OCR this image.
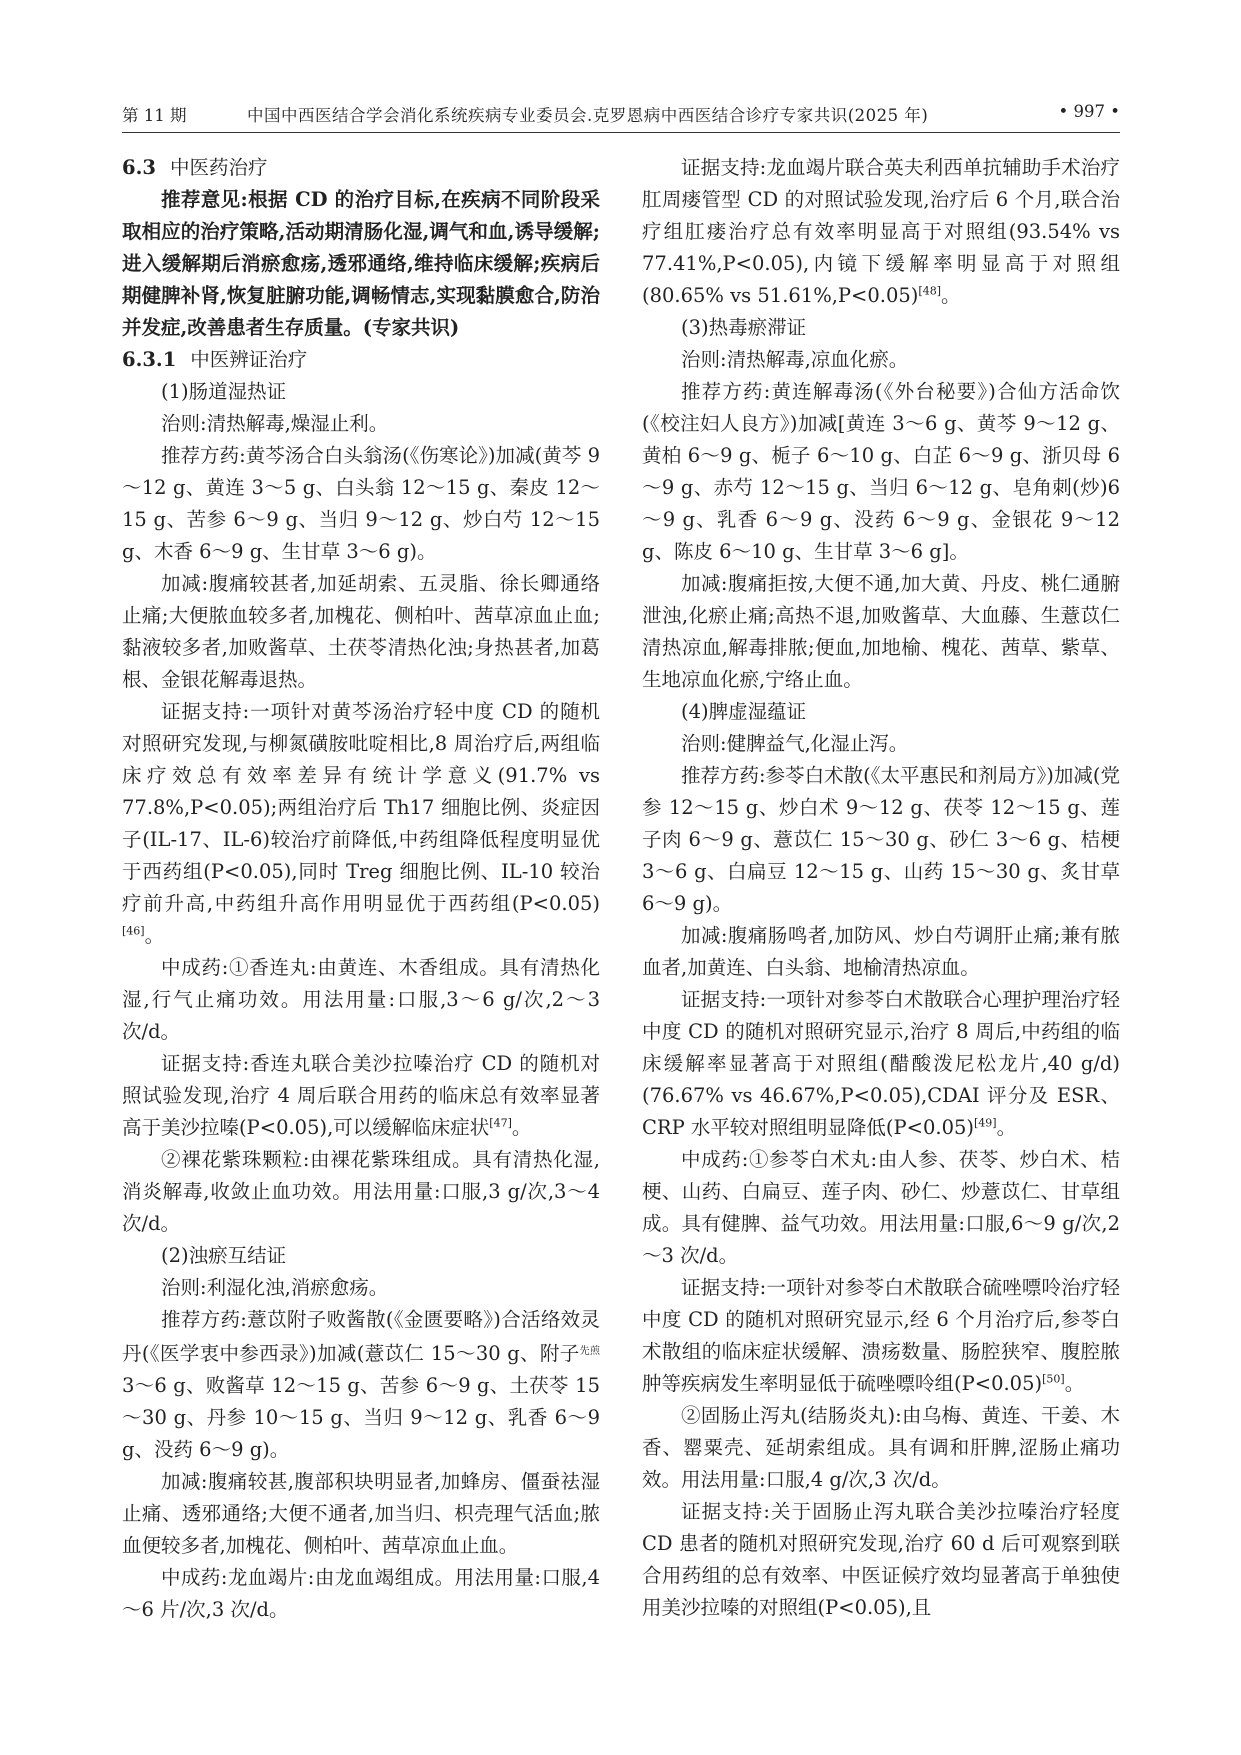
第 11 期	中国中西医结合学会消化系统疾病专业委员会.克罗恩病中西医结合诊疗专家共识(2025 年)	• 997 •

6.3 中医药治疗

推荐意见:根据 CD 的治疗目标,在疾病不同阶段采取相应的治疗策略,活动期清肠化湿,调气和血,诱导缓解;进入缓解期后消瘀愈疡,透邪通络,维持临床缓解;疾病后期健脾补肾,恢复脏腑功能,调畅情志,实现黏膜愈合,防治并发症,改善患者生存质量。(专家共识)

6.3.1 中医辨证治疗

(1)肠道湿热证

治则:清热解毒,燥湿止利。

推荐方药:黄芩汤合白头翁汤(《伤寒论》)加减(黄芩 9～12 g、黄连 3～5 g、白头翁 12～15 g、秦皮 12～15 g、苦参 6～9 g、当归 9～12 g、炒白芍 12～15 g、木香 6～9 g、生甘草 3～6 g)。

加减:腹痛较甚者,加延胡索、五灵脂、徐长卿通络止痛;大便脓血较多者,加槐花、侧柏叶、茜草凉血止血;黏液较多者,加败酱草、土茯苓清热化浊;身热甚者,加葛根、金银花解毒退热。

证据支持:一项针对黄芩汤治疗轻中度 CD 的随机对照研究发现,与柳氮磺胺吡啶相比,8 周治疗后,两组临床疗效总有效率差异有统计学意义(91.7% vs 77.8%,P<0.05);两组治疗后 Th17 细胞比例、炎症因子(IL-17、IL-6)较治疗前降低,中药组降低程度明显优于西药组(P<0.05),同时 Treg 细胞比例、IL-10 较治疗前升高,中药组升高作用明显优于西药组(P<0.05)[46]。

中成药:①香连丸:由黄连、木香组成。具有清热化湿,行气止痛功效。用法用量:口服,3～6 g/次,2～3 次/d。

证据支持:香连丸联合美沙拉嗪治疗 CD 的随机对照试验发现,治疗 4 周后联合用药的临床总有效率显著高于美沙拉嗪(P<0.05),可以缓解临床症状[47]。

②裸花紫珠颗粒:由裸花紫珠组成。具有清热化湿,消炎解毒,收敛止血功效。用法用量:口服,3 g/次,3～4 次/d。

(2)浊瘀互结证

治则:利湿化浊,消瘀愈疡。

推荐方药:薏苡附子败酱散(《金匮要略》)合活络效灵丹(《医学衷中参西录》)加减(薏苡仁 15～30 g、附子$^{先煎}$ 3～6 g、败酱草 12～15 g、苦参 6～9 g、土茯苓 15～30 g、丹参 10～15 g、当归 9～12 g、乳香 6～9 g、没药 6～9 g)。

加减:腹痛较甚,腹部积块明显者,加蜂房、僵蚕祛湿止痛、透邪通络;大便不通者,加当归、枳壳理气活血;脓血便较多者,加槐花、侧柏叶、茜草凉血止血。

中成药:龙血竭片:由龙血竭组成。用法用量:口服,4～6 片/次,3 次/d。

证据支持:龙血竭片联合英夫利西单抗辅助手术治疗肛周瘘管型 CD 的对照试验发现,治疗后 6 个月,联合治疗组肛瘘治疗总有效率明显高于对照组(93.54% vs 77.41%,P<0.05),内镜下缓解率明显高于对照组(80.65% vs 51.61%,P<0.05)[48]。

(3)热毒瘀滞证

治则:清热解毒,凉血化瘀。

推荐方药:黄连解毒汤(《外台秘要》)合仙方活命饮(《校注妇人良方》)加减[黄连 3～6 g、黄芩 9～12 g、黄柏 6～9 g、栀子 6～10 g、白芷 6～9 g、浙贝母 6～9 g、赤芍 12～15 g、当归 6～12 g、皂角刺(炒)6～9 g、乳香 6～9 g、没药 6～9 g、金银花 9～12 g、陈皮 6～10 g、生甘草 3～6 g]。

加减:腹痛拒按,大便不通,加大黄、丹皮、桃仁通腑泄浊,化瘀止痛;高热不退,加败酱草、大血藤、生薏苡仁清热凉血,解毒排脓;便血,加地榆、槐花、茜草、紫草、生地凉血化瘀,宁络止血。

(4)脾虚湿蕴证

治则:健脾益气,化湿止泻。

推荐方药:参苓白术散(《太平惠民和剂局方》)加减(党参 12～15 g、炒白术 9～12 g、茯苓 12～15 g、莲子肉 6～9 g、薏苡仁 15～30 g、砂仁 3～6 g、桔梗 3～6 g、白扁豆 12～15 g、山药 15～30 g、炙甘草 6～9 g)。

加减:腹痛肠鸣者,加防风、炒白芍调肝止痛;兼有脓血者,加黄连、白头翁、地榆清热凉血。

证据支持:一项针对参苓白术散联合心理护理治疗轻中度 CD 的随机对照研究显示,治疗 8 周后,中药组的临床缓解率显著高于对照组(醋酸泼尼松龙片,40 g/d)(76.67% vs 46.67%,P<0.05),CDAI 评分及 ESR、CRP 水平较对照组明显降低(P<0.05)[49]。

中成药:①参苓白术丸:由人参、茯苓、炒白术、桔梗、山药、白扁豆、莲子肉、砂仁、炒薏苡仁、甘草组成。具有健脾、益气功效。用法用量:口服,6～9 g/次,2～3 次/d。

证据支持:一项针对参苓白术散联合硫唑嘌呤治疗轻中度 CD 的随机对照研究显示,经 6 个月治疗后,参苓白术散组的临床症状缓解、溃疡数量、肠腔狭窄、腹腔脓肿等疾病发生率明显低于硫唑嘌呤组(P<0.05)[50]。

②固肠止泻丸(结肠炎丸):由乌梅、黄连、干姜、木香、罂粟壳、延胡索组成。具有调和肝脾,涩肠止痛功效。用法用量:口服,4 g/次,3 次/d。

证据支持:关于固肠止泻丸联合美沙拉嗪治疗轻度 CD 患者的随机对照研究发现,治疗 60 d 后可观察到联合用药组的总有效率、中医证候疗效均显著高于单独使用美沙拉嗪的对照组(P<0.05),且
